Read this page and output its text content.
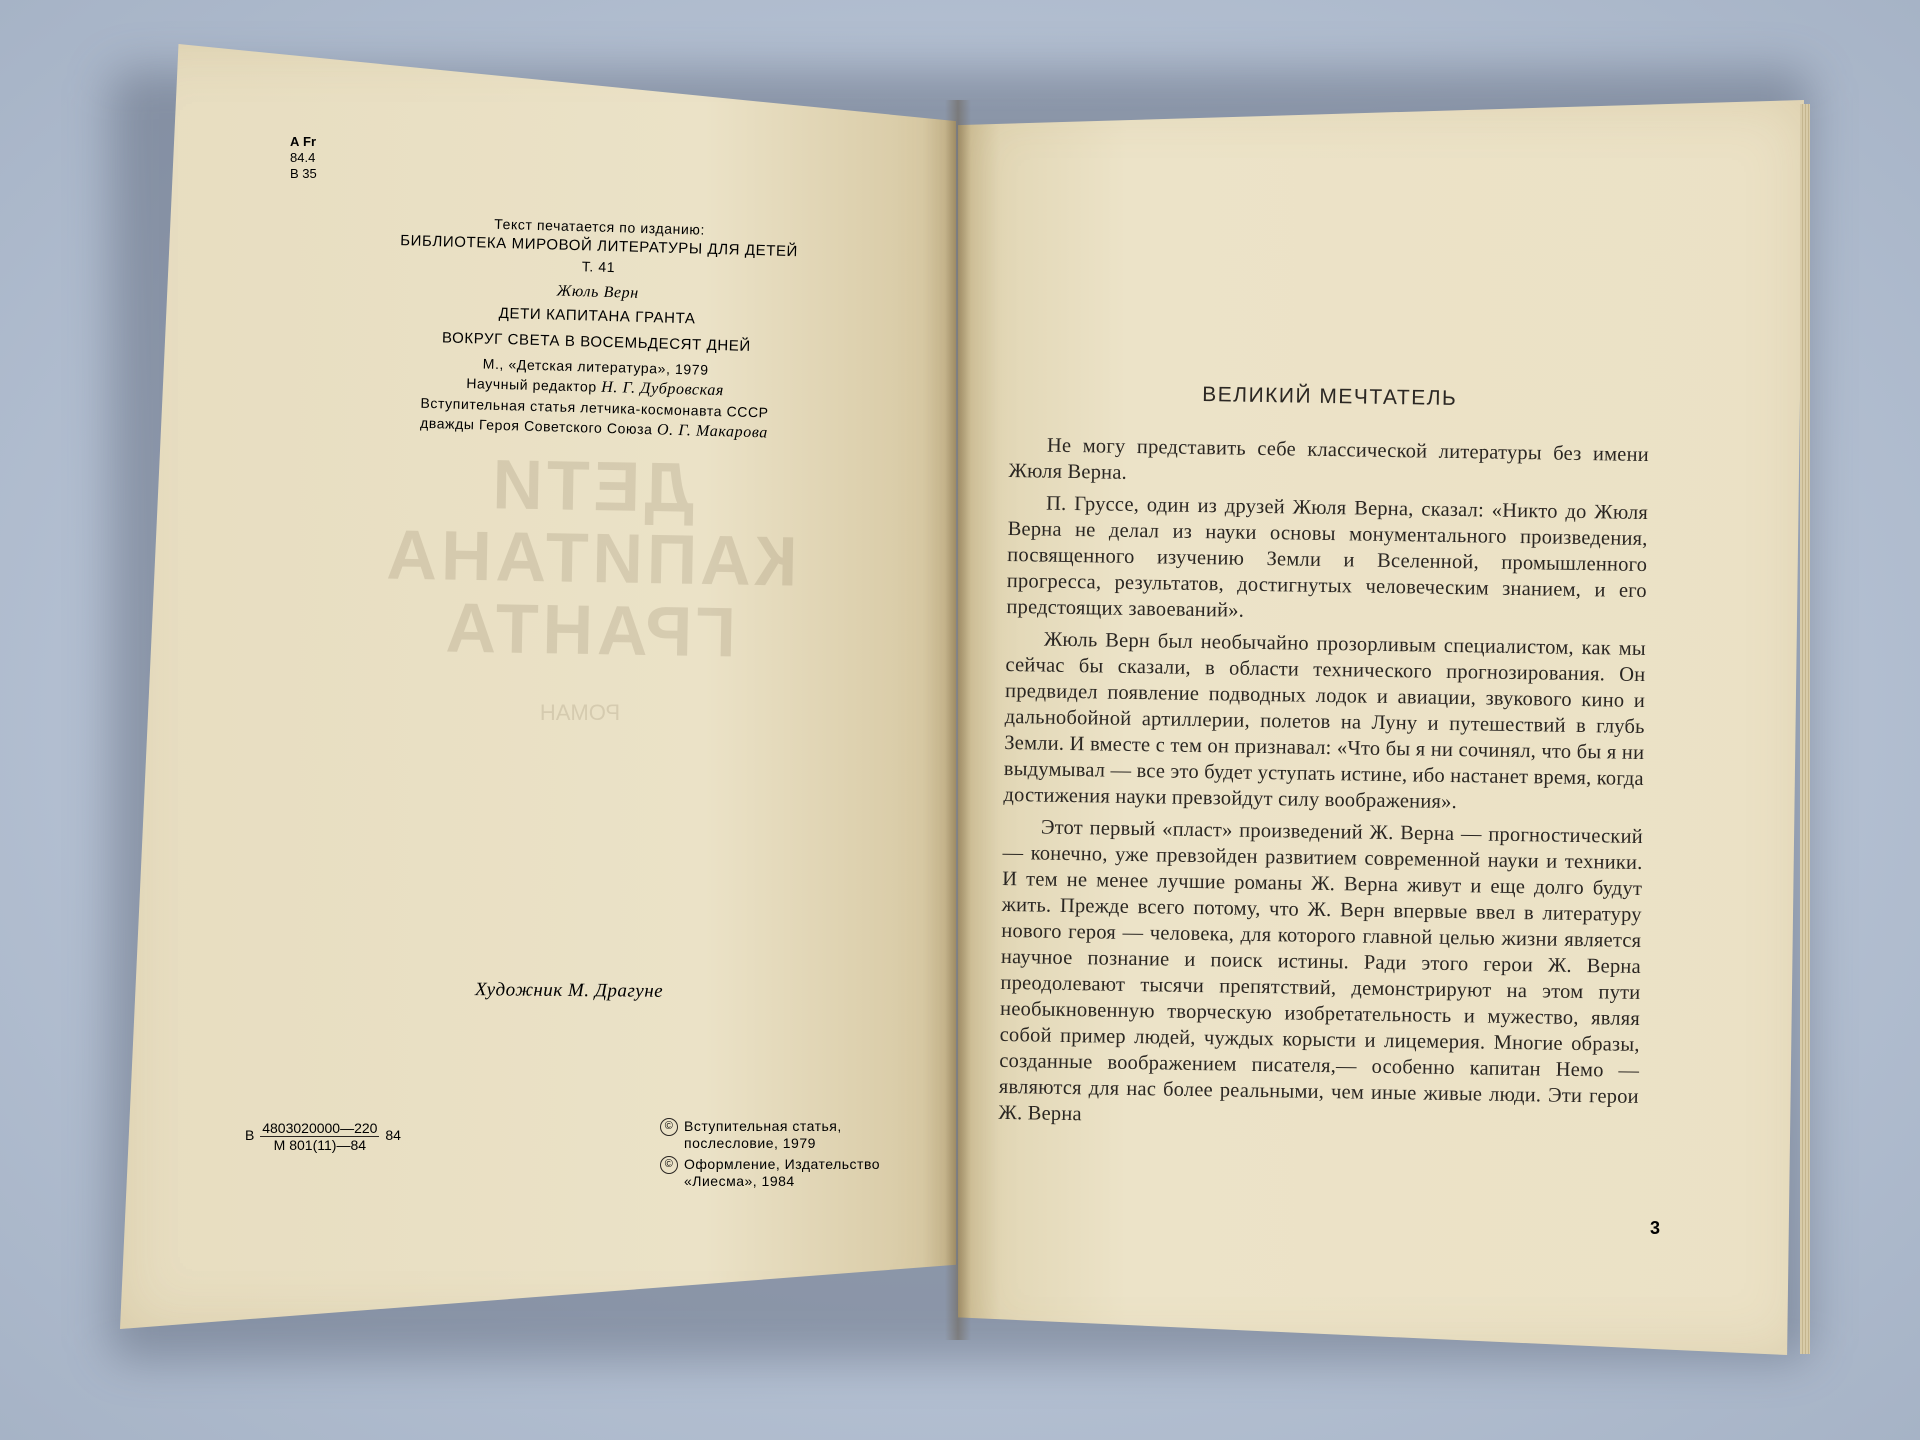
А Fr
84.4
В 35
Текст печатается по изданию:
БИБЛИОТЕКА МИРОВОЙ ЛИТЕРАТУРЫ ДЛЯ ДЕТЕЙ
Т. 41
Жюль Верн
ДЕТИ КАПИТАНА ГРАНТА
ВОКРУГ СВЕТА В ВОСЕМЬДЕСЯТ ДНЕЙ
М., «Детская литература», 1979
Научный редактор Н. Г. Дубровская
Вступительная статья летчика-космонавта СССР
дважды Героя Советского Союза О. Г. Макарова
ДЕТИ
КАПИТАНА
ГРАНТА
РОМАН
Художник М. Драгуне
В $\frac{4803020000—220}{М 801(11)—84} 84$
© Вступительная статья,
послесловие, 1979
© Оформление, Издательство
«Лиесма», 1984
ВЕЛИКИЙ МЕЧТАТЕЛЬ

Не могу представить себе классической литературы без имени Жюля Верна.

П. Груссе, один из друзей Жюля Верна, сказал: «Никто до Жюля Верна не делал из науки основы монументального произведения, посвященного изучению Земли и Вселенной, промышленного прогресса, результатов, достигнутых человеческим знанием, и его предстоящих завоеваний».

Жюль Верн был необычайно прозорливым специалистом, как мы сейчас бы сказали, в области технического прогнозирования. Он предвидел появление подводных лодок и авиации, звукового кино и дальнобойной артиллерии, полетов на Луну и путешествий в глубь Земли. И вместе с тем он признавал: «Что бы я ни сочинял, что бы я ни выдумывал — все это будет уступать истине, ибо настанет время, когда достижения науки превзойдут силу воображения».

Этот первый «пласт» произведений Ж. Верна — прогностический — конечно, уже превзойден развитием современной науки и техники. И тем не менее лучшие романы Ж. Верна живут и еще долго будут жить. Прежде всего потому, что Ж. Верн впервые ввел в литературу нового героя — человека, для которого главной целью жизни является научное познание и поиск истины. Ради этого герои Ж. Верна преодолевают тысячи препятствий, демонстрируют на этом пути необыкновенную творческую изобретательность и мужество, являя собой пример людей, чуждых корысти и лицемерия. Многие образы, созданные воображением писателя,— особенно капитан Немо — являются для нас более реальными, чем иные живые люди. Эти герои Ж. Верна

3
